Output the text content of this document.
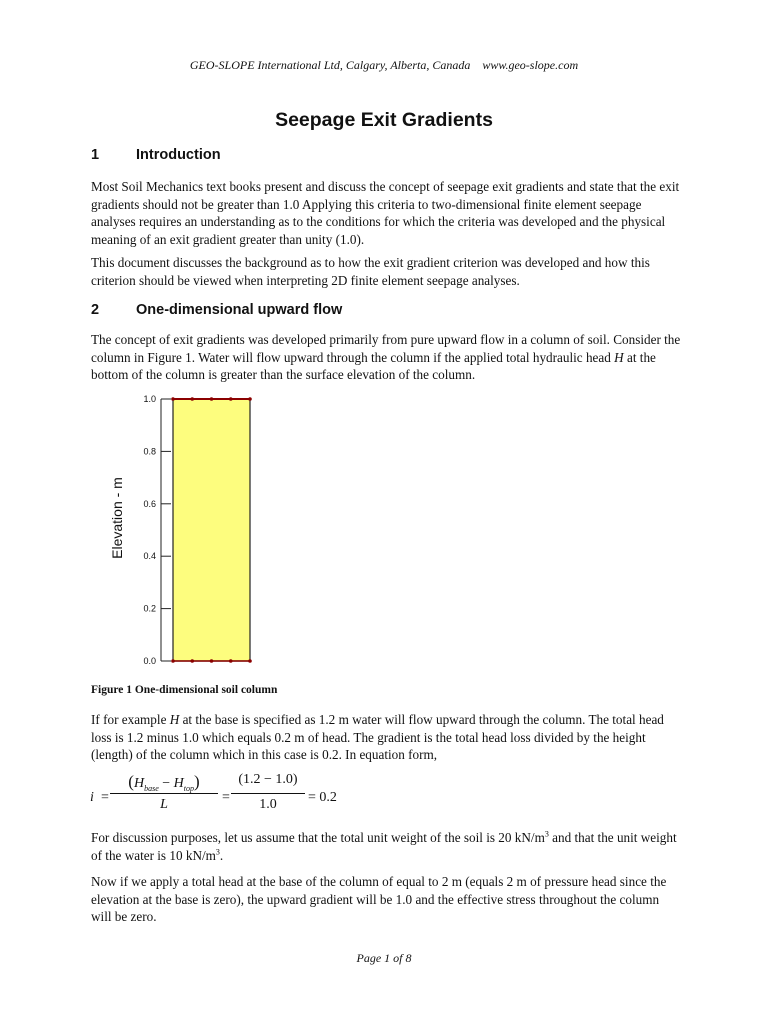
GEO-SLOPE International Ltd, Calgary, Alberta, Canada    www.geo-slope.com
Seepage Exit Gradients
1	Introduction

Most Soil Mechanics text books present and discuss the concept of seepage exit gradients and state that the exit gradients should not be greater than 1.0 Applying this criteria to two-dimensional finite element seepage analyses requires an understanding as to the conditions for which the criteria was developed and the physical meaning of an exit gradient greater than unity (1.0).

This document discusses the background as to how the exit gradient criterion was developed and how this criterion should be viewed when interpreting 2D finite element seepage analyses.

2	One-dimensional upward flow

The concept of exit gradients was developed primarily from pure upward flow in a column of soil. Consider the column in Figure 1. Water will flow upward through the column if the applied total hydraulic head H at the bottom of the column is greater than the surface elevation of the column.

Elevation - m
0.0
0.2
0.4
0.6
0.8
1.0

Figure 1 One-dimensional soil column

If for example H at the base is specified as 1.2 m water will flow upward through the column. The total head loss is 1.2 minus 1.0 which equals 0.2 m of head. The gradient is the total head loss divided by the height (length) of the column which in this case is 0.2. In equation form,

i =
$(H_{base} - H_{top})$
L	=
(1.2 − 1.0)
1.0	= 0.2

For discussion purposes, let us assume that the total unit weight of the soil is 20 $kN/m^3$ and that the unit weight of the water is 10 $kN/m^3$.

Now if we apply a total head at the base of the column of equal to 2 m (equals 2 m of pressure head since the elevation at the base is zero), the upward gradient will be 1.0 and the effective stress throughout the column will be zero.

Page 1 of 8
